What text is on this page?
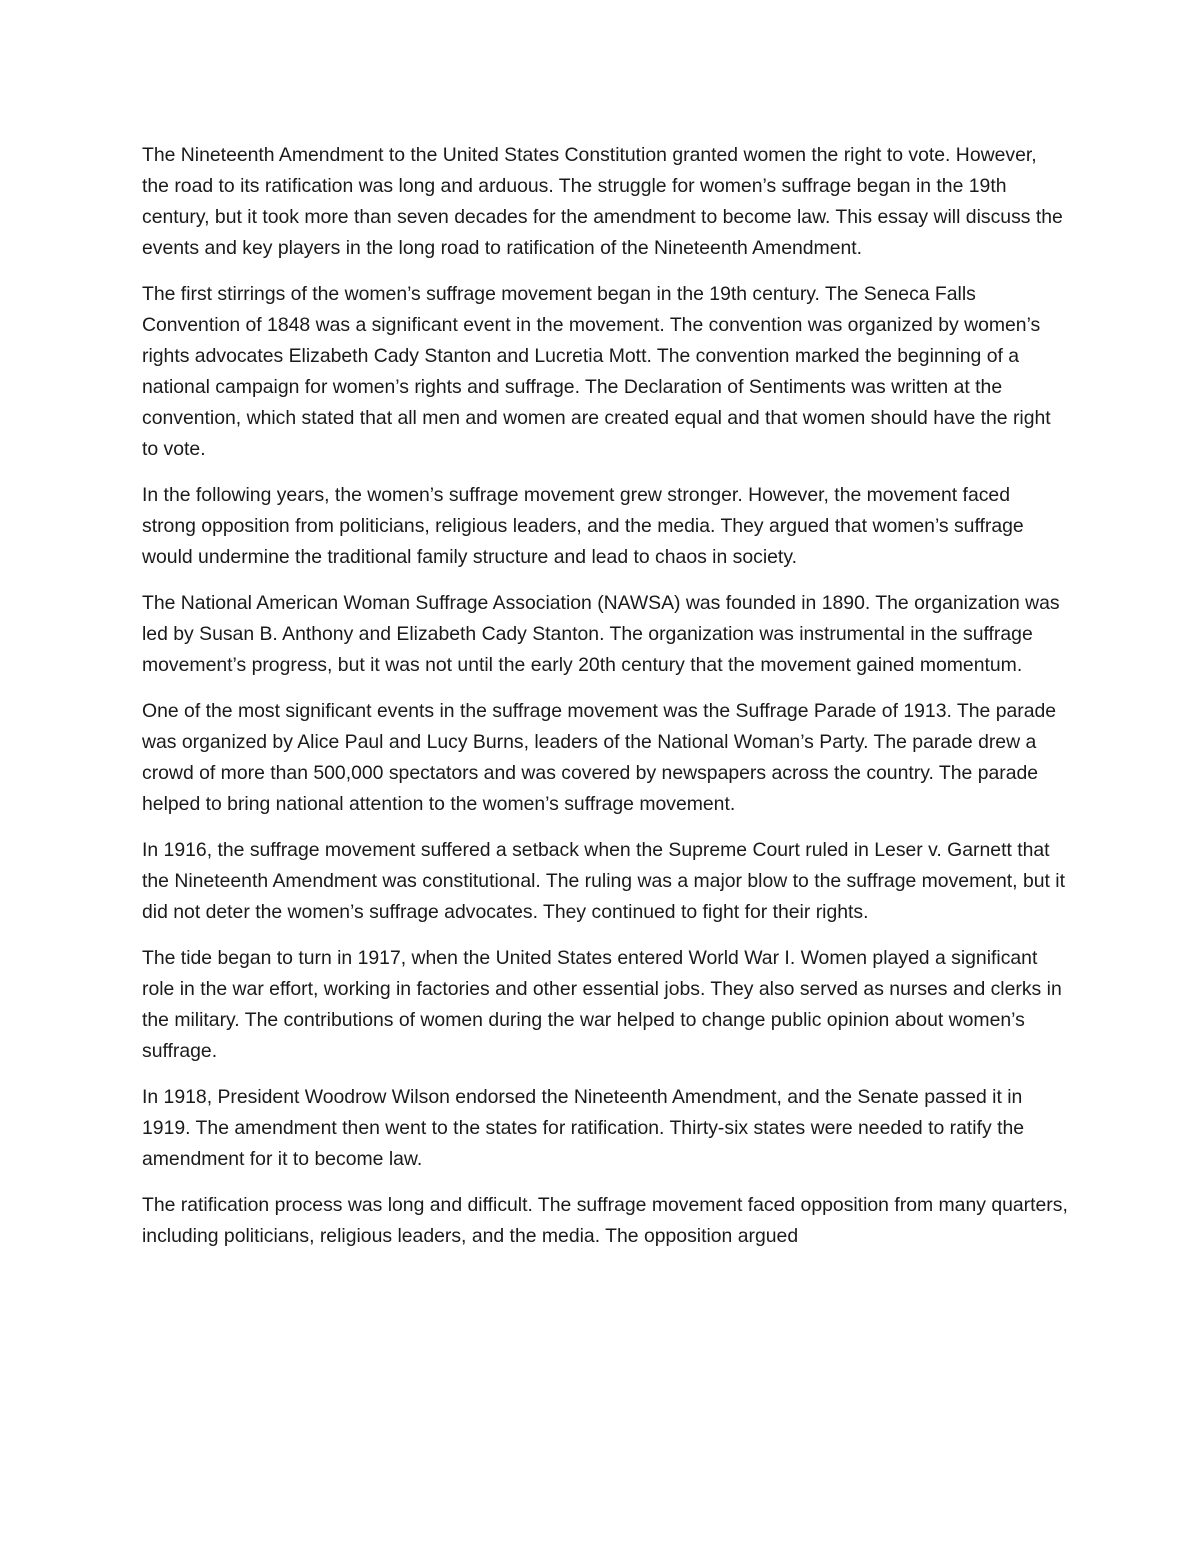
The Nineteenth Amendment to the United States Constitution granted women the right to vote. However, the road to its ratification was long and arduous. The struggle for women’s suffrage began in the 19th century, but it took more than seven decades for the amendment to become law. This essay will discuss the events and key players in the long road to ratification of the Nineteenth Amendment.

The first stirrings of the women’s suffrage movement began in the 19th century. The Seneca Falls Convention of 1848 was a significant event in the movement. The convention was organized by women’s rights advocates Elizabeth Cady Stanton and Lucretia Mott. The convention marked the beginning of a national campaign for women’s rights and suffrage. The Declaration of Sentiments was written at the convention, which stated that all men and women are created equal and that women should have the right to vote.

In the following years, the women’s suffrage movement grew stronger. However, the movement faced strong opposition from politicians, religious leaders, and the media. They argued that women’s suffrage would undermine the traditional family structure and lead to chaos in society.

The National American Woman Suffrage Association (NAWSA) was founded in 1890. The organization was led by Susan B. Anthony and Elizabeth Cady Stanton. The organization was instrumental in the suffrage movement’s progress, but it was not until the early 20th century that the movement gained momentum.

One of the most significant events in the suffrage movement was the Suffrage Parade of 1913. The parade was organized by Alice Paul and Lucy Burns, leaders of the National Woman’s Party. The parade drew a crowd of more than 500,000 spectators and was covered by newspapers across the country. The parade helped to bring national attention to the women’s suffrage movement.

In 1916, the suffrage movement suffered a setback when the Supreme Court ruled in Leser v. Garnett that the Nineteenth Amendment was constitutional. The ruling was a major blow to the suffrage movement, but it did not deter the women’s suffrage advocates. They continued to fight for their rights.

The tide began to turn in 1917, when the United States entered World War I. Women played a significant role in the war effort, working in factories and other essential jobs. They also served as nurses and clerks in the military. The contributions of women during the war helped to change public opinion about women’s suffrage.

In 1918, President Woodrow Wilson endorsed the Nineteenth Amendment, and the Senate passed it in 1919. The amendment then went to the states for ratification. Thirty-six states were needed to ratify the amendment for it to become law.

The ratification process was long and difficult. The suffrage movement faced opposition from many quarters, including politicians, religious leaders, and the media. The opposition argued
